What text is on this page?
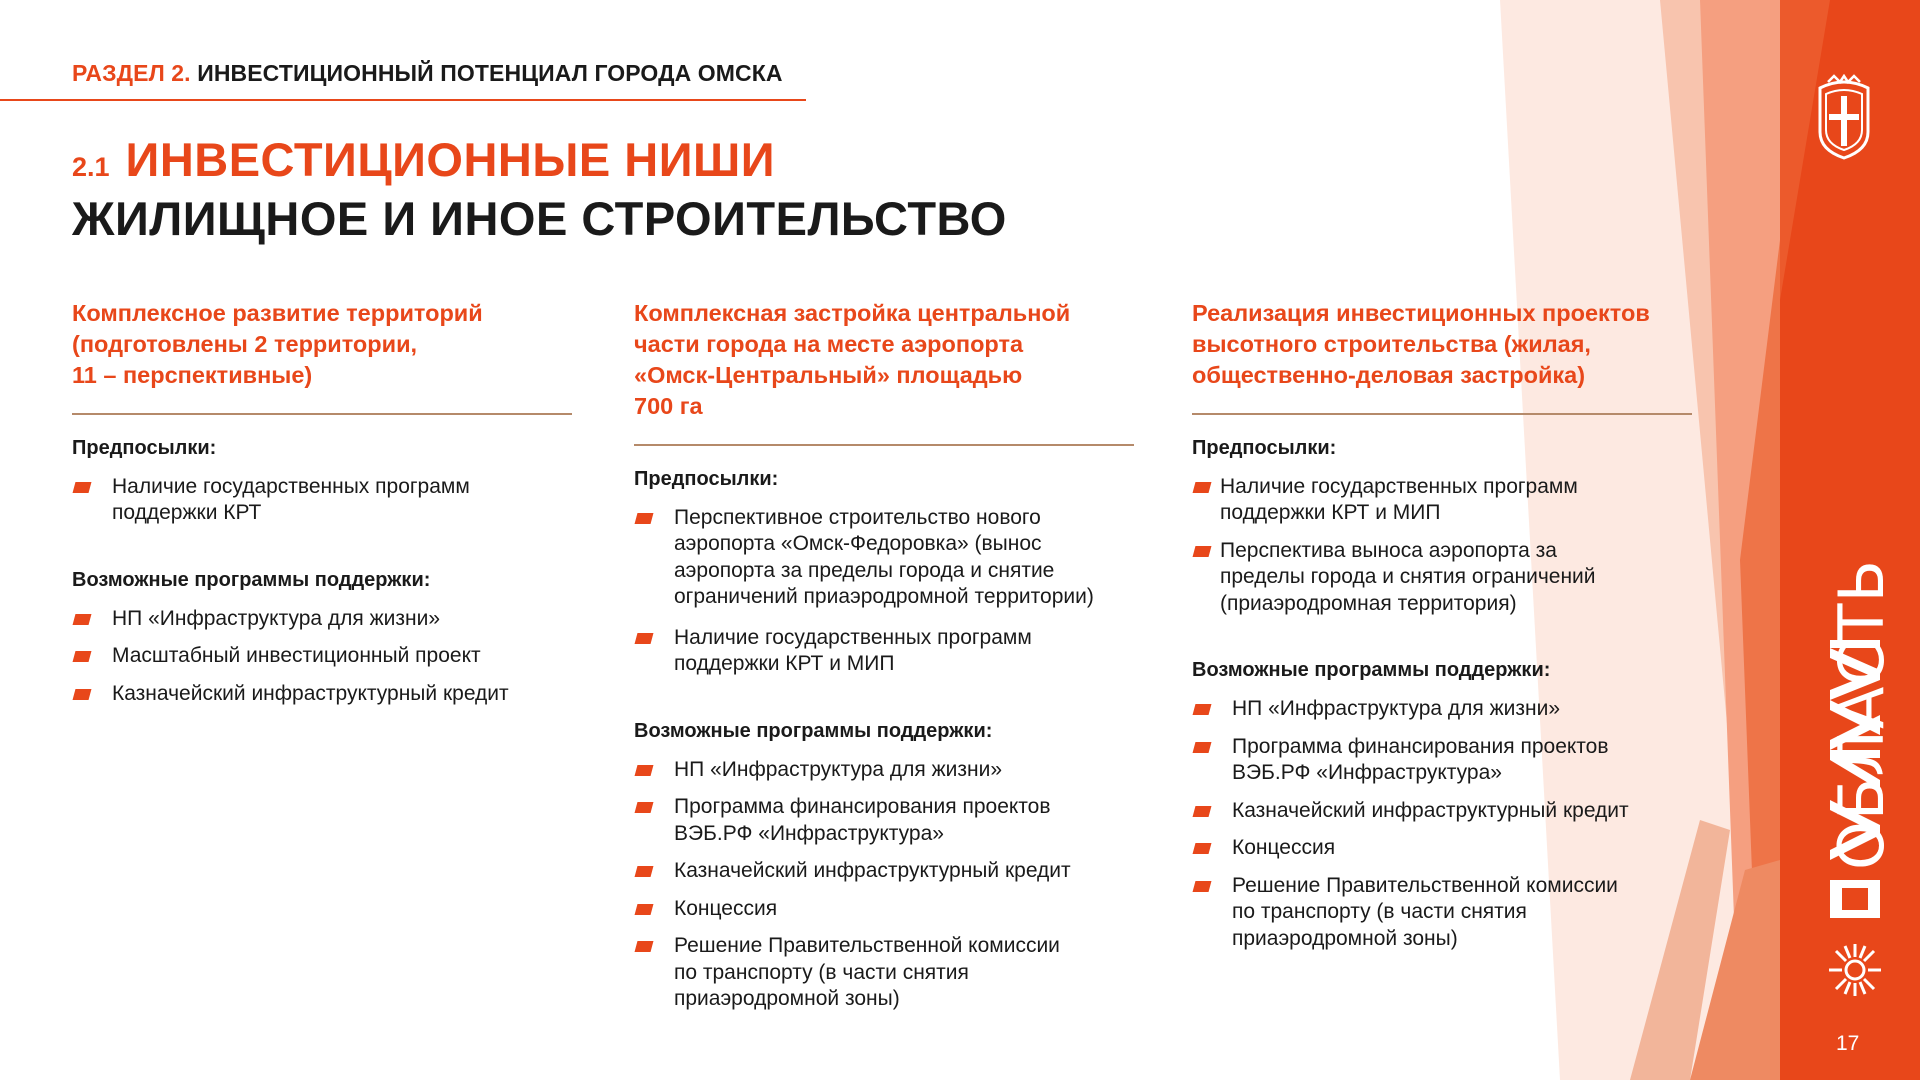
РАЗДЕЛ 2. ИНВЕСТИЦИОННЫЙ ПОТЕНЦИАЛ ГОРОДА ОМСКА
2.1 ИНВЕСТИЦИОННЫЕ НИШИ
ЖИЛИЩНОЕ И ИНОЕ СТРОИТЕЛЬСТВО
Комплексное развитие территорий
(подготовлены 2 территории,
11 – перспективные)
Предпосылки:
Наличие государственных программ
поддержки КРТ
Возможные программы поддержки:
НП «Инфраструктура для жизни»
Масштабный инвестиционный проект
Казначейский инфраструктурный кредит
Комплексная застройка центральной
части города на месте аэропорта
«Омск-Центральный» площадью
700 га
Предпосылки:
Перспективное строительство нового
аэропорта «Омск-Федоровка» (вынос
аэропорта за пределы города и снятие
ограничений приаэродромной территории)
Наличие государственных программ
поддержки КРТ и МИП
Возможные программы поддержки:
НП «Инфраструктура для жизни»
Программа финансирования проектов
ВЭБ.РФ «Инфраструктура»
Казначейский инфраструктурный кредит
Концессия
Решение Правительственной комиссии
по транспорту (в части снятия
приаэродромной зоны)
Реализация инвестиционных проектов
высотного строительства (жилая,
общественно-деловая застройка)
Предпосылки:
Наличие государственных программ
поддержки КРТ и МИП
Перспектива выноса аэропорта за
пределы города и снятия ограничений
(приаэродромная территория)
Возможные программы поддержки:
НП «Инфраструктура для жизни»
Программа финансирования проектов
ВЭБ.РФ «Инфраструктура»
Казначейский инфраструктурный кредит
Концессия
Решение Правительственной комиссии
по транспорту (в части снятия
приаэродромной зоны)
ОБЛАСТЬ
17
